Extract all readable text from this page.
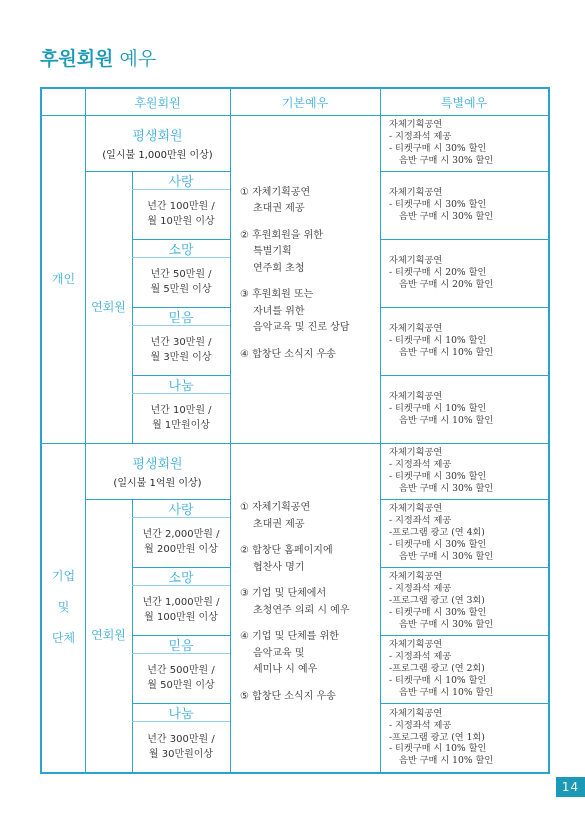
후원회원 예우
후원회원	기본예우	특별예우
개인
평생회원
(일시불 1,000만원 이상)
연회원
사랑
년간 100만원 /
월 10만원 이상
소망
년간 50만원 /
월 5만원 이상
믿음
년간 30만원 /
월 3만원 이상
나눔
년간 10만원 /
월 1만원이상
① 자체기획공연
초대권 제공
② 후원회원을 위한
특별기획
연주회 초청
③ 후원회원 또는
자녀를 위한
음악교육 및 진로 상담
④ 합창단 소식지 우송
자체기획공연
- 지정좌석 제공
- 티켓구매 시 30% 할인
음반 구매 시 30% 할인
자체기획공연
- 티켓구매 시 30% 할인
음반 구매 시 30% 할인
자체기획공연
- 티켓구매 시 20% 할인
음반 구매 시 20% 할인
자체기획공연
- 티켓구매 시 10% 할인
음반 구매 시 10% 할인
자체기획공연
- 티켓구매 시 10% 할인
음반 구매 시 10% 할인
기업
및
단체
평생회원
(일시불 1억원 이상)
연회원
사랑
년간 2,000만원 /
월 200만원 이상
소망
년간 1,000만원 /
월 100만원 이상
믿음
년간 500만원 /
월 50만원 이상
나눔
년간 300만원 /
월 30만원이상
① 자체기획공연
초대권 제공
② 합창단 홈페이지에
협찬사 명기
③ 기업 및 단체에서
초청연주 의뢰 시 예우
④ 기업 및 단체를 위한
음악교육 및
세미나 시 예우
⑤ 합창단 소식지 우송
자체기획공연
- 지정좌석 제공
- 티켓구매 시 30% 할인
음반 구매 시 30% 할인
자체기획공연
- 지정좌석 제공
-프로그램 광고 (연 4회)
- 티켓구매 시 30% 할인
음반 구매 시 30% 할인
자체기획공연
- 지정좌석 제공
-프로그램 광고 (연 3회)
- 티켓구매 시 30% 할인
음반 구매 시 30% 할인
자체기획공연
- 지정좌석 제공
-프로그램 광고 (연 2회)
- 티켓구매 시 10% 할인
음반 구매 시 10% 할인
자체기획공연
- 지정좌석 제공
-프로그램 광고 (연 1회)
- 티켓구매 시 10% 할인
음반 구매 시 10% 할인
14
